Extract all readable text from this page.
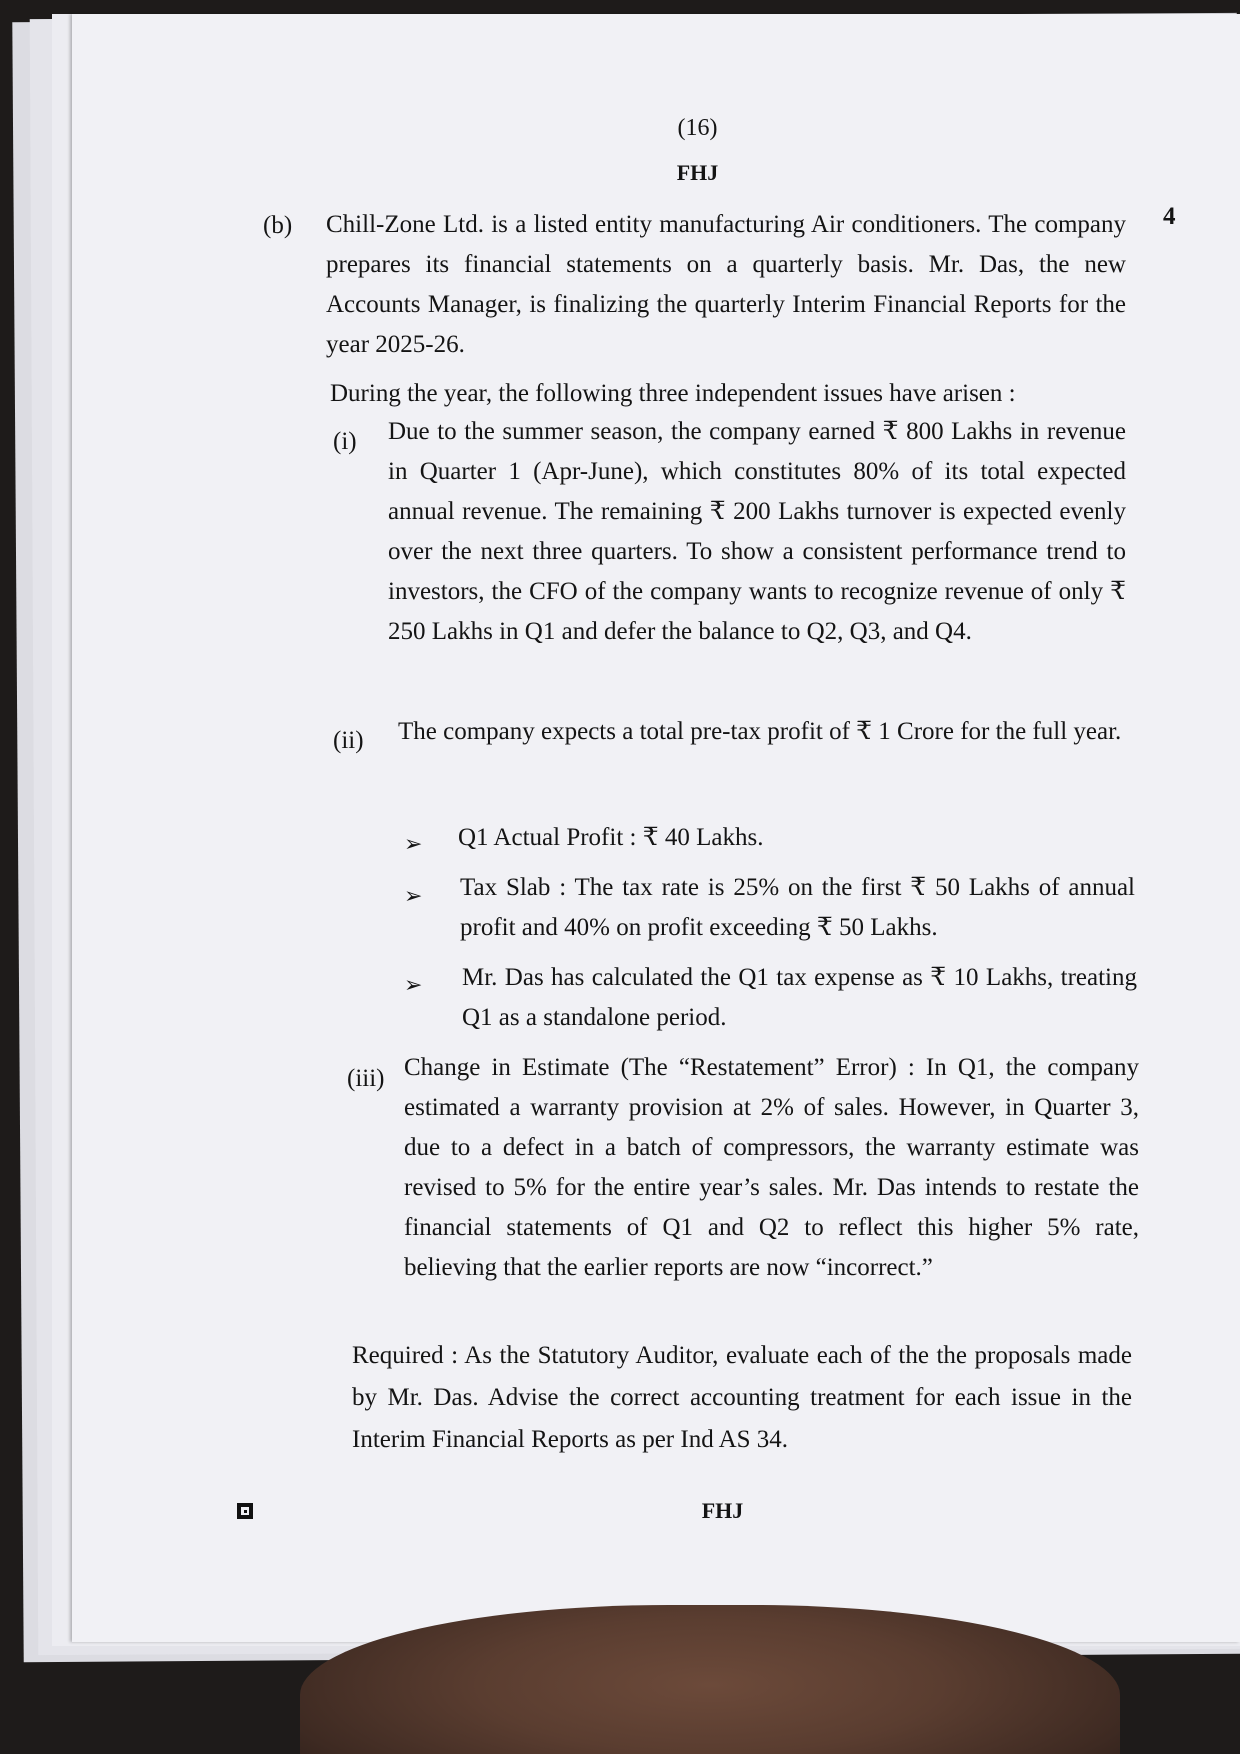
(16)
FHJ
4
(b) Chill-Zone Ltd. is a listed entity manufacturing Air conditioners. The company prepares its financial statements on a quarterly basis. Mr. Das, the new Accounts Manager, is finalizing the quarterly Interim Financial Reports for the year 2025-26.
During the year, the following three independent issues have arisen :
(i) Due to the summer season, the company earned ₹ 800 Lakhs in revenue in Quarter 1 (Apr-June), which constitutes 80% of its total expected annual revenue. The remaining ₹ 200 Lakhs turnover is expected evenly over the next three quarters. To show a consistent performance trend to investors, the CFO of the company wants to recognize revenue of only ₹ 250 Lakhs in Q1 and defer the balance to Q2, Q3, and Q4.
(ii) The company expects a total pre-tax profit of ₹ 1 Crore for the full year.
➢ Q1 Actual Profit : ₹ 40 Lakhs.
➢ Tax Slab : The tax rate is 25% on the first ₹ 50 Lakhs of annual profit and 40% on profit exceeding ₹ 50 Lakhs.
➢ Mr. Das has calculated the Q1 tax expense as ₹ 10 Lakhs, treating Q1 as a standalone period.
(iii) Change in Estimate (The “Restatement” Error) : In Q1, the company estimated a warranty provision at 2% of sales. However, in Quarter 3, due to a defect in a batch of compressors, the warranty estimate was revised to 5% for the entire year’s sales. Mr. Das intends to restate the financial statements of Q1 and Q2 to reflect this higher 5% rate, believing that the earlier reports are now “incorrect.”
Required : As the Statutory Auditor, evaluate each of the the proposals made by Mr. Das. Advise the correct accounting treatment for each issue in the Interim Financial Reports as per Ind AS 34.
FHJ
